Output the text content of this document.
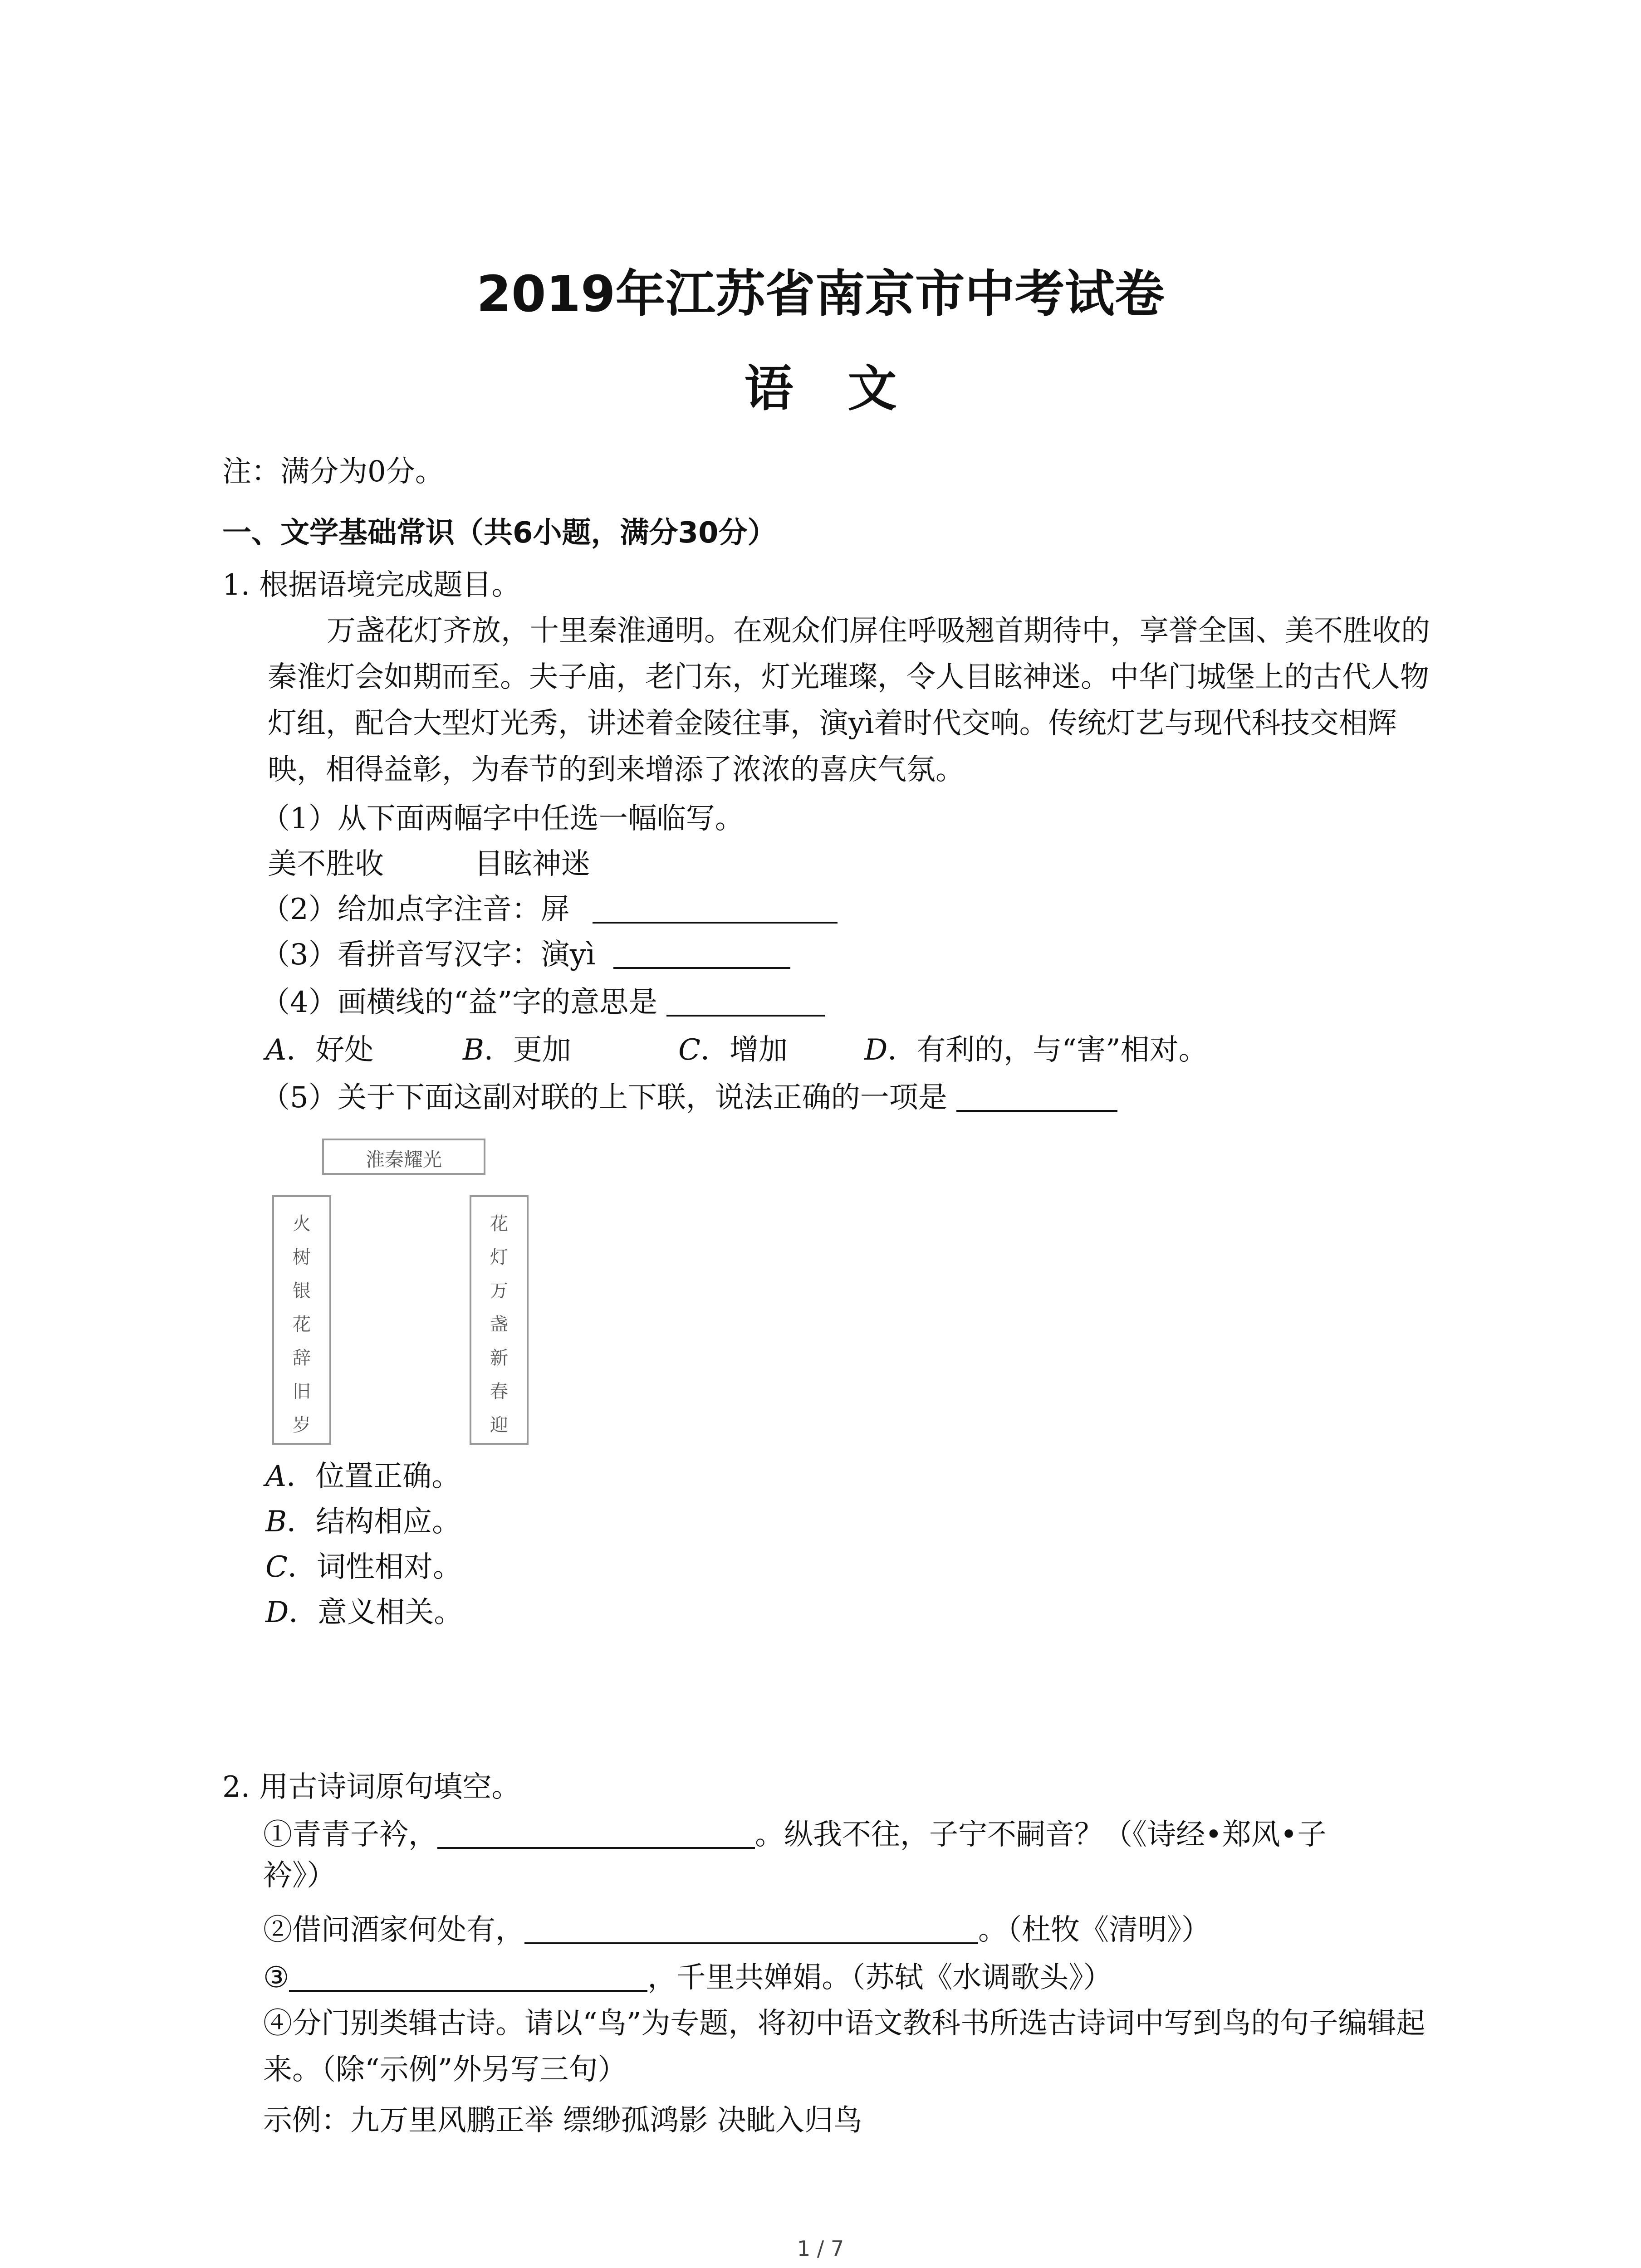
2019年江苏省南京市中考试卷
语文
注：满分为0分。
一、文学基础常识（共6小题，满分30分）
1. 根据语境完成题目。
万盏花灯齐放，十里秦淮通明。在观众们屏住呼吸翘首期待中，享誉全国、美不胜收的秦淮灯会如期而至。夫子庙，老门东，灯光璀璨，令人目眩神迷。中华门城堡上的古代人物灯组，配合大型灯光秀，讲述着金陵往事，演yì着时代交响。传统灯艺与现代科技交相辉映，相得益彰，为春节的到来增添了浓浓的喜庆气氛。
（1）从下面两幅字中任选一幅临写。
美不胜收	目眩神迷
（2）给加点字注音：屏
（3）看拼音写汉字：演yì
（4）画横线的“益”字的意思是
A．好处	B．更加	C．增加	D．有利的，与“害”相对。
（5）关于下面这副对联的上下联，说法正确的一项是
淮秦耀光
火
树
银
花
辞
旧
岁
花
灯
万
盏
新
春
迎
A．位置正确。
B．结构相应。
C．词性相对。
D．意义相关。
2. 用古诗词原句填空。
①青青子衿，	。纵我不往，子宁不嗣音？（《诗经•郑风•子
衿》）
②借问酒家何处有，	。（杜牧《清明》）
③	，千里共婵娟。（苏轼《水调歌头》）
④分门别类辑古诗。请以“鸟”为专题，将初中语文教科书所选古诗词中写到鸟的句子编辑起来。（除“示例”外另写三句）
示例：九万里风鹏正举 缥缈孤鸿影 决眦入归鸟
1 / 7
